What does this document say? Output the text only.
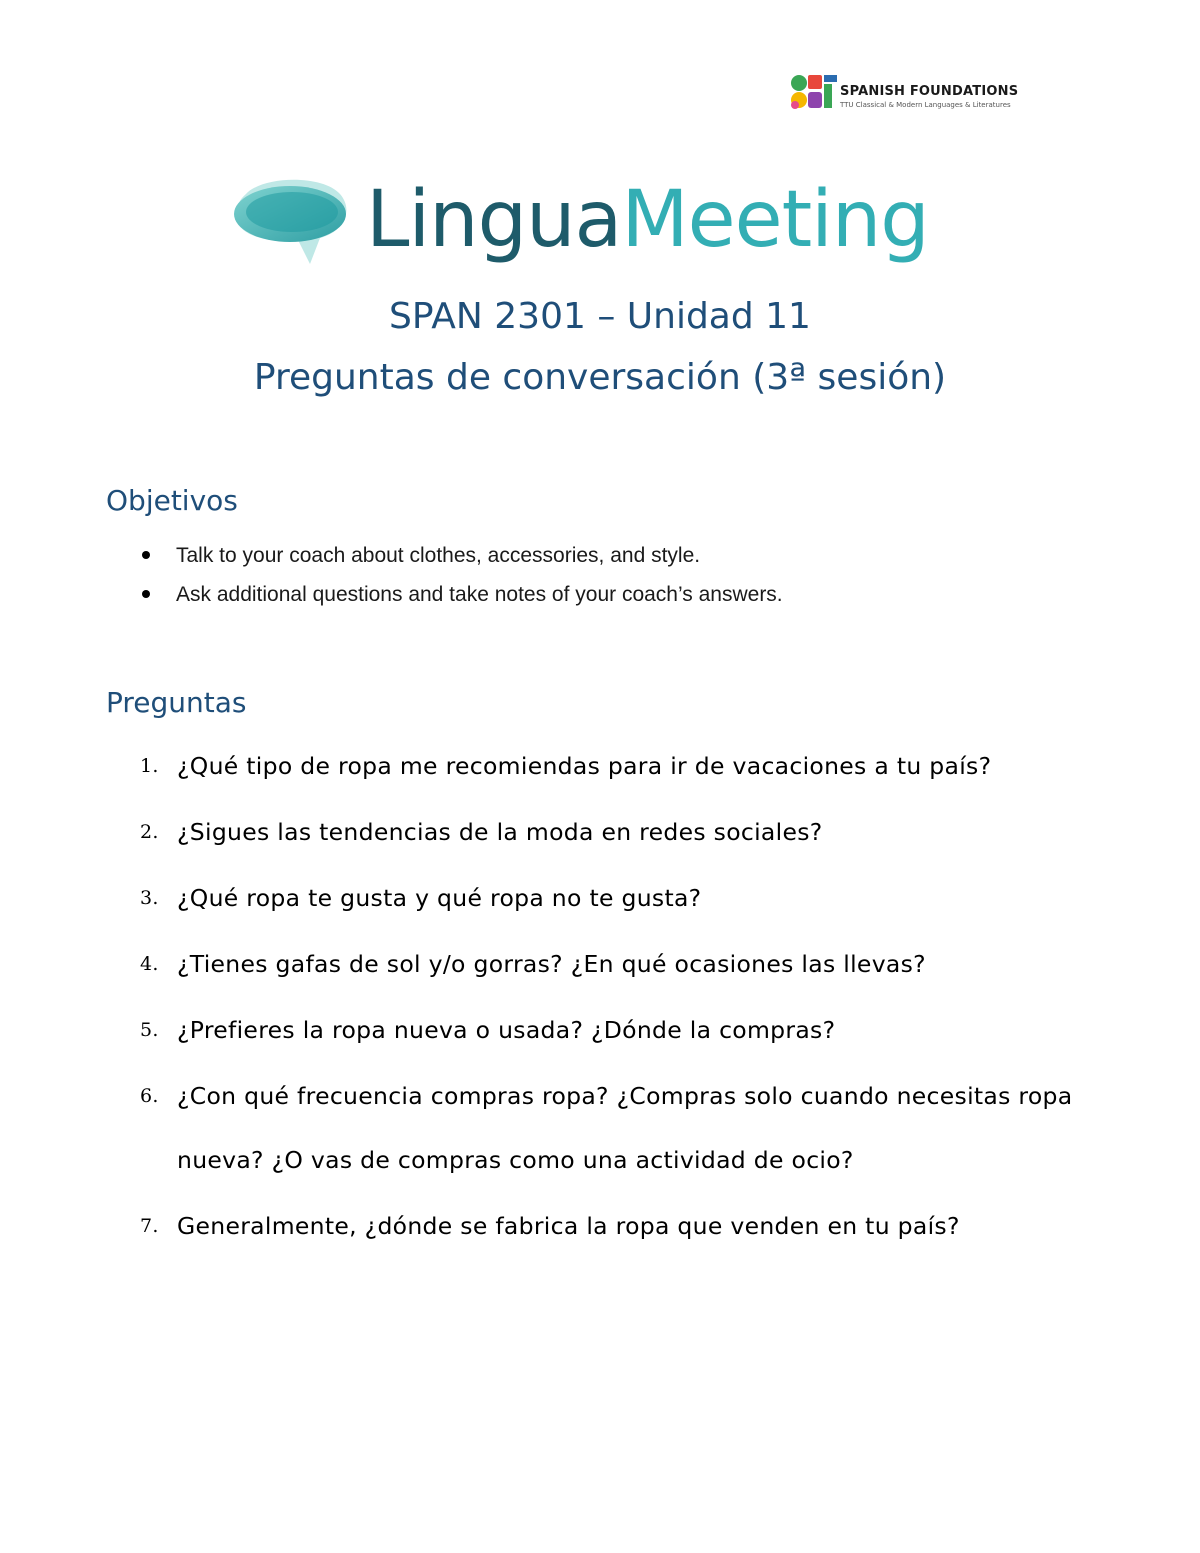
SPANISH FOUNDATIONS
TTU Classical & Modern Languages & Literatures
LinguaMeeting
SPAN 2301 – Unidad 11
Preguntas de conversación (3ª sesión)
Objetivos
Talk to your coach about clothes, accessories, and style.
Ask additional questions and take notes of your coach’s answers.
Preguntas
1. ¿Qué tipo de ropa me recomiendas para ir de vacaciones a tu país?
2. ¿Sigues las tendencias de la moda en redes sociales?
3. ¿Qué ropa te gusta y qué ropa no te gusta?
4. ¿Tienes gafas de sol y/o gorras? ¿En qué ocasiones las llevas?
5. ¿Prefieres la ropa nueva o usada? ¿Dónde la compras?
6. ¿Con qué frecuencia compras ropa? ¿Compras solo cuando necesitas ropa nueva? ¿O vas de compras como una actividad de ocio?
7. Generalmente, ¿dónde se fabrica la ropa que venden en tu país?
